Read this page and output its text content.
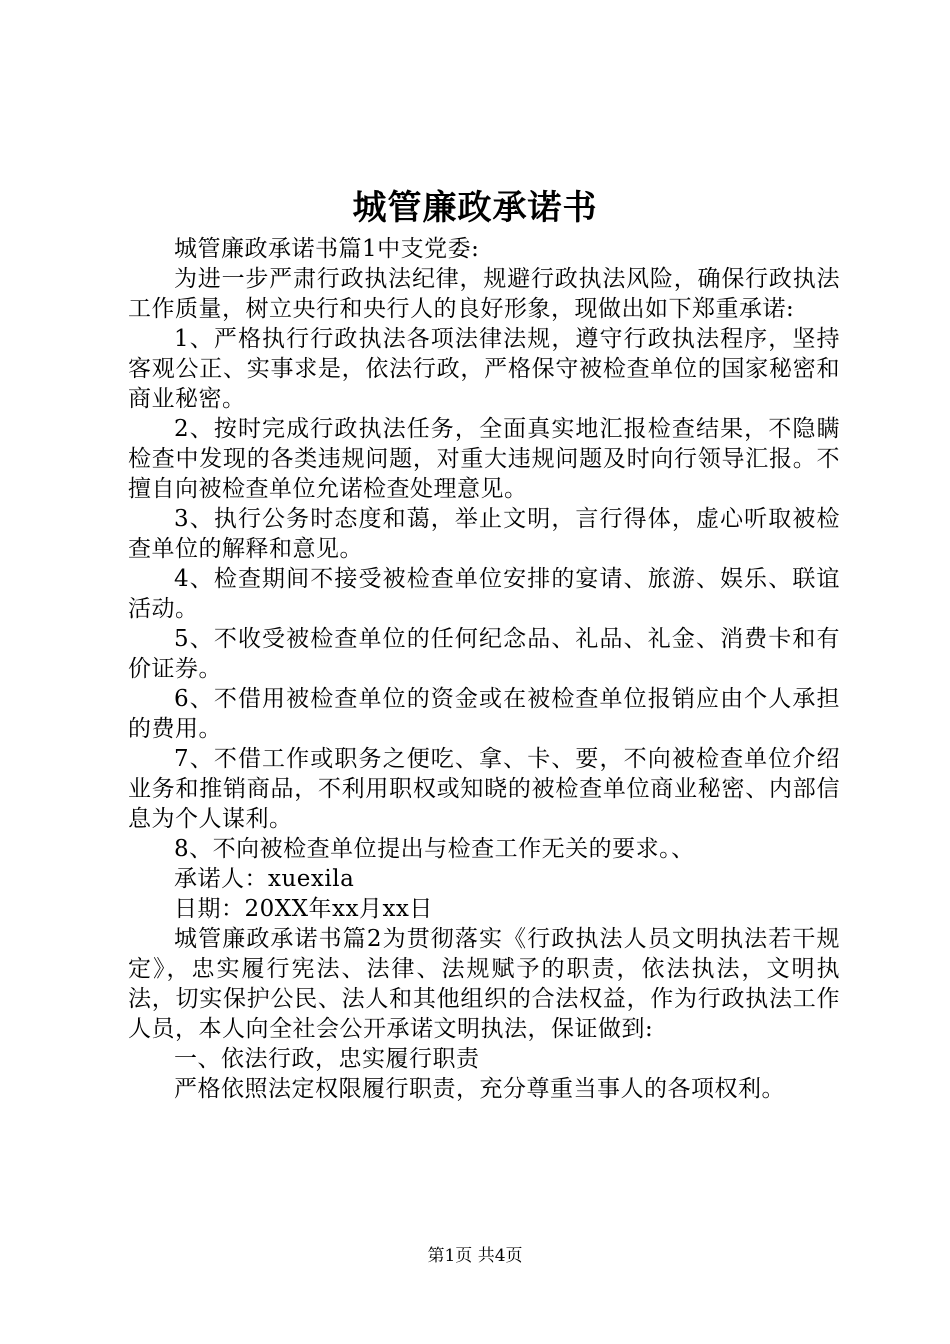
城管廉政承诺书

城管廉政承诺书篇1中支党委:

为进一步严肃行政执法纪律，规避行政执法风险，确保行政执法工作质量，树立央行和央行人的良好形象，现做出如下郑重承诺:

1、严格执行行政执法各项法律法规，遵守行政执法程序，坚持客观公正、实事求是，依法行政，严格保守被检查单位的国家秘密和商业秘密。

2、按时完成行政执法任务，全面真实地汇报检查结果，不隐瞒检查中发现的各类违规问题，对重大违规问题及时向行领导汇报。不擅自向被检查单位允诺检查处理意见。

3、执行公务时态度和蔼，举止文明，言行得体，虚心听取被检查单位的解释和意见。

4、检查期间不接受被检查单位安排的宴请、旅游、娱乐、联谊活动。

5、不收受被检查单位的任何纪念品、礼品、礼金、消费卡和有价证券。

6、不借用被检查单位的资金或在被检查单位报销应由个人承担的费用。

7、不借工作或职务之便吃、拿、卡、要，不向被检查单位介绍业务和推销商品，不利用职权或知晓的被检查单位商业秘密、内部信息为个人谋利。

8、不向被检查单位提出与检查工作无关的要求。、

承诺人：xuexila

日期：20XX年xx月xx日

城管廉政承诺书篇2为贯彻落实《行政执法人员文明执法若干规定》，忠实履行宪法、法律、法规赋予的职责，依法执法，文明执法，切实保护公民、法人和其他组织的合法权益，作为行政执法工作人员，本人向全社会公开承诺文明执法，保证做到:

一、依法行政，忠实履行职责

严格依照法定权限履行职责，充分尊重当事人的各项权利。

第1页 共4页
